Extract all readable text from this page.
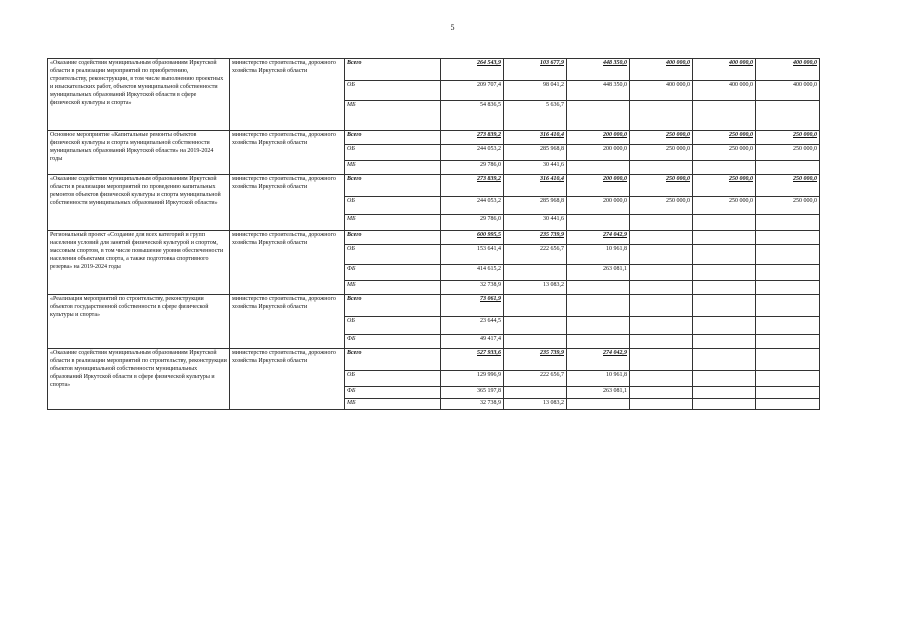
5
«Оказание содействия муниципальным образованиям Иркутской области в реализации мероприятий по приобретению, строительству, реконструкции, в том числе выполнению проектных и изыскательских работ, объектов муниципальной собственности муниципальных образований Иркутской области в сфере физической культуры и спорта»	министерство строительства, дорожного хозяйства Иркутской области	Всего	264 543,9	103 677,9	448 350,0	400 000,0	400 000,0	400 000,0
		ОБ	209 707,4	98 041,2	448 350,0	400 000,0	400 000,0	400 000,0
		МБ	54 836,5	5 636,7				
Основное мероприятие «Капитальные ремонты объектов физической культуры и спорта муниципальной собственности муниципальных образований Иркутской области» на 2019-2024 годы	министерство строительства, дорожного хозяйства Иркутской области	Всего	273 839,2	316 410,4	200 000,0	250 000,0	250 000,0	250 000,0
		ОБ	244 053,2	285 968,8	200 000,0	250 000,0	250 000,0	250 000,0
		МБ	29 786,0	30 441,6				
«Оказание содействия муниципальным образованиям Иркутской области в реализации мероприятий по проведению капитальных ремонтов объектов физической культуры и спорта муниципальной собственности муниципальных образований Иркутской области»	министерство строительства, дорожного хозяйства Иркутской области	Всего	273 839,2	316 410,4	200 000,0	250 000,0	250 000,0	250 000,0
		ОБ	244 053,2	285 968,8	200 000,0	250 000,0	250 000,0	250 000,0
		МБ	29 786,0	30 441,6				
Региональный проект «Создание для всех категорий и групп населения условий для занятий физической культурой и спортом, массовым спортом, в том числе повышение уровня обеспеченности населения объектами спорта, а также подготовка спортивного резерва» на 2019-2024 годы	министерство строительства, дорожного хозяйства Иркутской области	Всего	600 995,5	235 739,9	274 042,9			
		ОБ	153 641,4	222 656,7	10 961,8			
		ФБ	414 615,2		263 081,1			
		МБ	32 738,9	13 083,2				
«Реализация мероприятий по строительству, реконструкции объектов государственной собственности в сфере физической культуры и спорта»	министерство строительства, дорожного хозяйства Иркутской области	Всего	73 061,9					
		ОБ	23 644,5					
		ФБ	49 417,4					
«Оказание содействия муниципальным образованиям Иркутской области в реализации мероприятий по строительству, реконструкции объектов муниципальной собственности муниципальных образований Иркутской области в сфере физической культуры и спорта»	министерство строительства, дорожного хозяйства Иркутской области	Всего	527 933,6	235 739,9	274 042,9			
		ОБ	129 996,9	222 656,7	10 961,8			
		ФБ	365 197,8		263 081,1			
		МБ	32 738,9	13 083,2				
